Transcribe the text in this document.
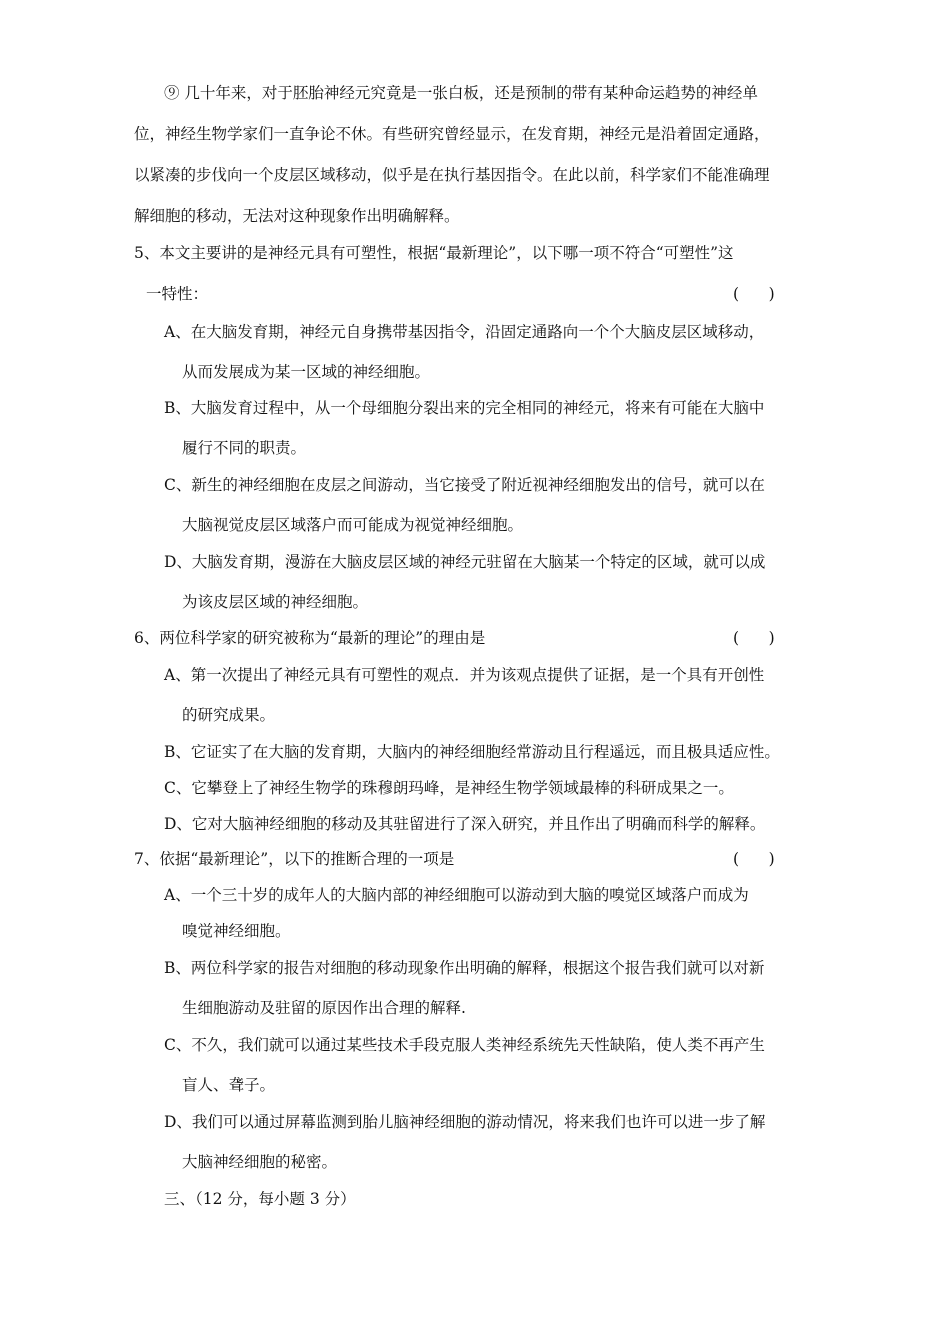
⑨ 几十年来，对于胚胎神经元究竟是一张白板，还是预制的带有某种命运趋势的神经单
位，神经生物学家们一直争论不休。有些研究曾经显示，在发育期，神经元是沿着固定通路，
以紧凑的步伐向一个皮层区域移动，似乎是在执行基因指令。在此以前，科学家们不能准确理
解细胞的移动，无法对这种现象作出明确解释。
5、本文主要讲的是神经元具有可塑性，根据“最新理论”，以下哪一项不符合“可塑性”这
一特性：	(      )
A、在大脑发育期，神经元自身携带基因指令，沿固定通路向一个个大脑皮层区域移动，
从而发展成为某一区域的神经细胞。
B、大脑发育过程中，从一个母细胞分裂出来的完全相同的神经元，将来有可能在大脑中
履行不同的职责。
C、新生的神经细胞在皮层之间游动，当它接受了附近视神经细胞发出的信号，就可以在
大脑视觉皮层区域落户而可能成为视觉神经细胞。
D、大脑发育期，漫游在大脑皮层区域的神经元驻留在大脑某一个特定的区域，就可以成
为该皮层区域的神经细胞。
6、两位科学家的研究被称为“最新的理论”的理由是	(      )
A、第一次提出了神经元具有可塑性的观点．并为该观点提供了证据，是一个具有开创性
的研究成果。
B、它证实了在大脑的发育期，大脑内的神经细胞经常游动且行程遥远，而且极具适应性。
C、它攀登上了神经生物学的珠穆朗玛峰，是神经生物学领域最棒的科研成果之一。
D、它对大脑神经细胞的移动及其驻留进行了深入研究，并且作出了明确而科学的解释。
7、依据“最新理论”，以下的推断合理的一项是	(      )
A、一个三十岁的成年人的大脑内部的神经细胞可以游动到大脑的嗅觉区域落户而成为
嗅觉神经细胞。
B、两位科学家的报告对细胞的移动现象作出明确的解释，根据这个报告我们就可以对新
生细胞游动及驻留的原因作出合理的解释.
C、不久，我们就可以通过某些技术手段克服人类神经系统先天性缺陷，使人类不再产生
盲人、聋子。
D、我们可以通过屏幕监测到胎儿脑神经细胞的游动情况，将来我们也许可以进一步了解
大脑神经细胞的秘密。
三、（12 分，每小题 3 分）
